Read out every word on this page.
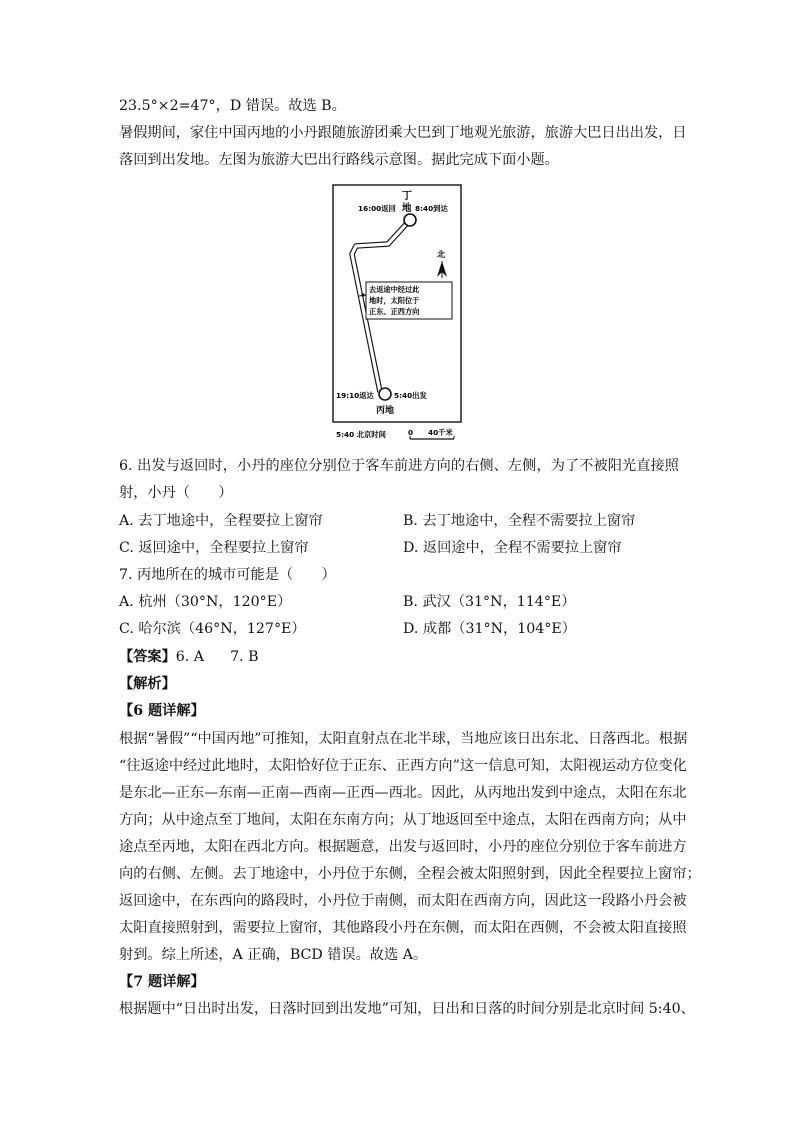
23.5°×2=47°，D 错误。故选 B。
暑假期间，家住中国丙地的小丹跟随旅游团乘大巴到丁地观光旅游，旅游大巴日出出发，日
落回到出发地。左图为旅游大巴出行路线示意图。据此完成下面小题。
丁
地
16:00返回	8:40到达
北
去返途中经过此
地时，太阳位于
正东、正西方向
19:10返达	5:40出发
丙地
5:40 北京时间	0 40千米
6. 出发与返回时，小丹的座位分别位于客车前进方向的右侧、左侧，为了不被阳光直接照
射，小丹（　　）
A. 去丁地途中，全程要拉上窗帘	B. 去丁地途中，全程不需要拉上窗帘
C. 返回途中，全程要拉上窗帘	D. 返回途中，全程不需要拉上窗帘
7. 丙地所在的城市可能是（　　）
A. 杭州（30°N，120°E）	B. 武汉（31°N，114°E）
C. 哈尔滨（46°N，127°E）	D. 成都（31°N，104°E）
【答案】6. A 7. B
【解析】
【6 题详解】
根据“暑假”“中国丙地”可推知，太阳直射点在北半球，当地应该日出东北、日落西北。根据
“往返途中经过此地时，太阳恰好位于正东、正西方向”这一信息可知，太阳视运动方位变化
是东北—正东—东南—正南—西南—正西—西北。因此，从丙地出发到中途点，太阳在东北
方向；从中途点至丁地间，太阳在东南方向；从丁地返回至中途点，太阳在西南方向；从中
途点至丙地，太阳在西北方向。根据题意，出发与返回时，小丹的座位分别位于客车前进方
向的右侧、左侧。去丁地途中，小丹位于东侧，全程会被太阳照射到，因此全程要拉上窗帘；
返回途中，在东西向的路段时，小丹位于南侧，而太阳在西南方向，因此这一段路小丹会被
太阳直接照射到，需要拉上窗帘，其他路段小丹在东侧，而太阳在西侧，不会被太阳直接照
射到。综上所述，A 正确，BCD 错误。故选 A。
【7 题详解】
根据题中“日出时出发，日落时回到出发地”可知，日出和日落的时间分别是北京时间 5:40、
